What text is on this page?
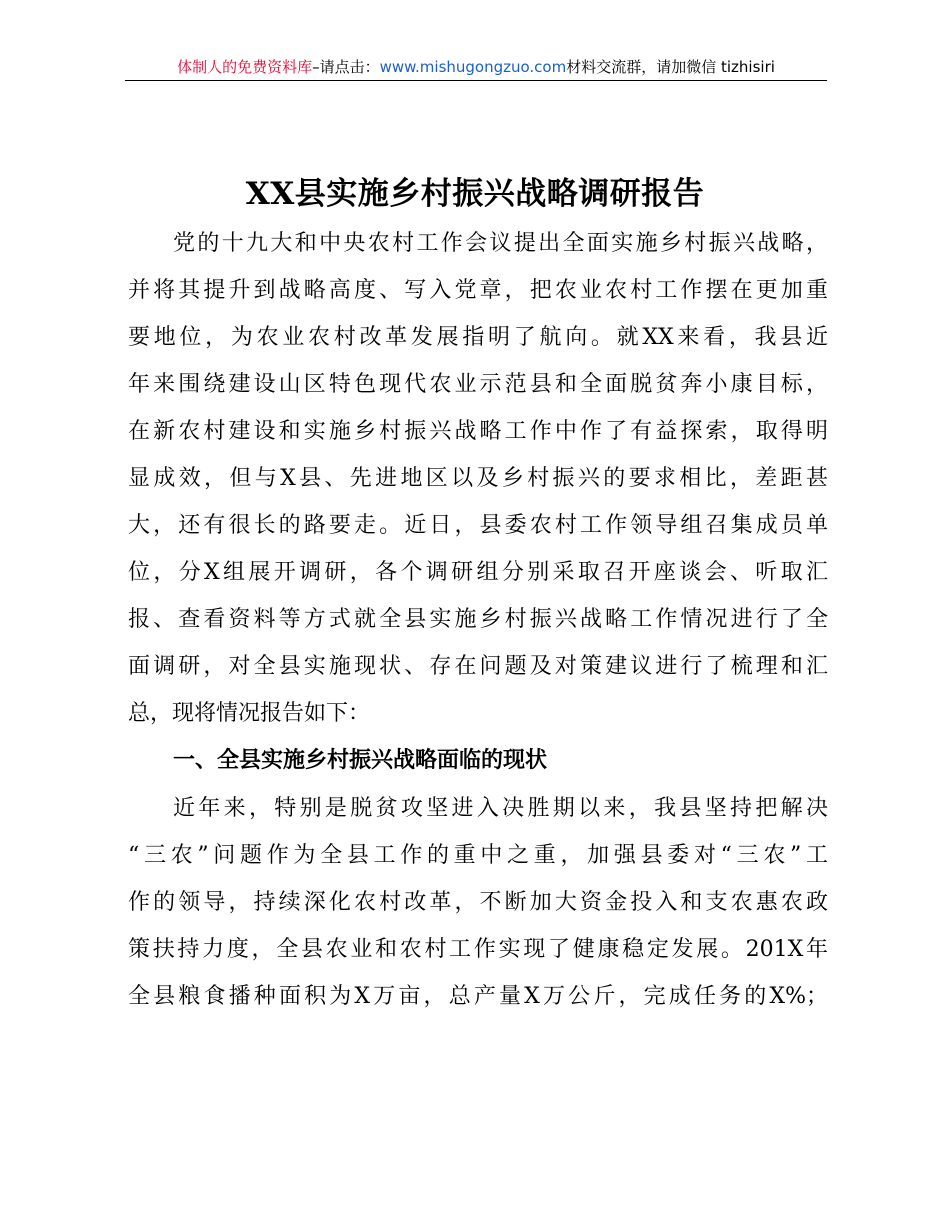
体制人的免费资料库–请点击：www.mishugongzuo.com材料交流群，请加微信 tizhisiri
XX县实施乡村振兴战略调研报告
党的十九大和中央农村工作会议提出全面实施乡村振兴战略，
并将其提升到战略高度、写入党章，把农业农村工作摆在更加重
要地位，为农业农村改革发展指明了航向。就XX来看，我县近
年来围绕建设山区特色现代农业示范县和全面脱贫奔小康目标，
在新农村建设和实施乡村振兴战略工作中作了有益探索，取得明
显成效，但与X县、先进地区以及乡村振兴的要求相比，差距甚
大，还有很长的路要走。近日，县委农村工作领导组召集成员单
位，分X组展开调研，各个调研组分别采取召开座谈会、听取汇
报、查看资料等方式就全县实施乡村振兴战略工作情况进行了全
面调研，对全县实施现状、存在问题及对策建议进行了梳理和汇
总，现将情况报告如下：
一、全县实施乡村振兴战略面临的现状
近年来，特别是脱贫攻坚进入决胜期以来，我县坚持把解决
“三农”问题作为全县工作的重中之重，加强县委对“三农”工
作的领导，持续深化农村改革，不断加大资金投入和支农惠农政
策扶持力度，全县农业和农村工作实现了健康稳定发展。201X年
全县粮食播种面积为X万亩，总产量X万公斤，完成任务的X%；
